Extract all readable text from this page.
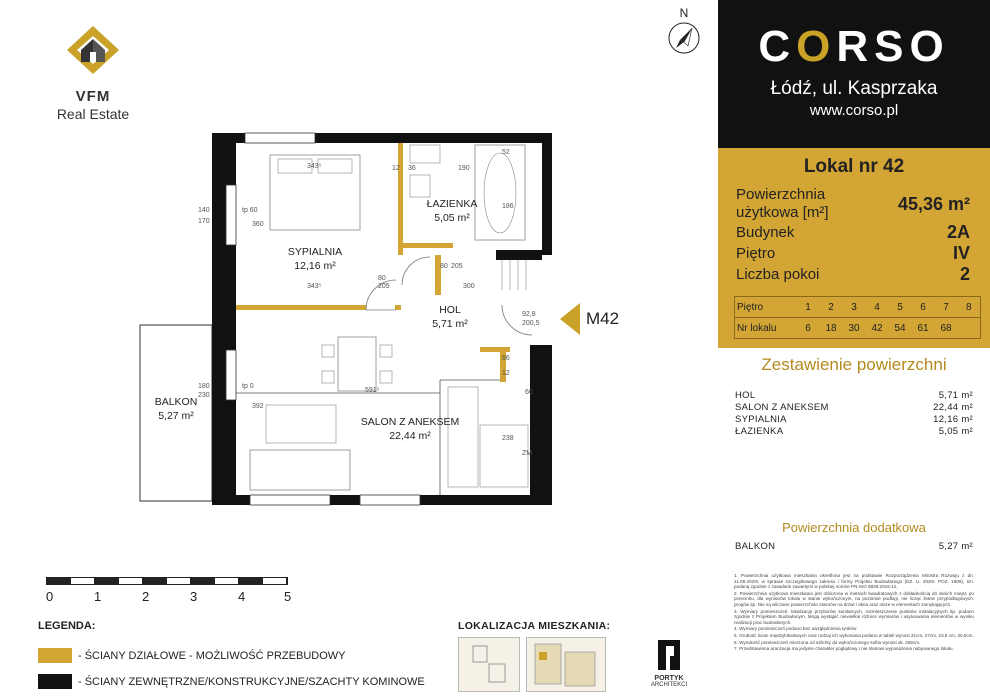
VFM
Real Estate
N
SYPIALNIA
12,16 m²
ŁAZIENKA
5,05 m²
HOL
5,71 m²
SALON Z ANEKSEM
22,44 m²
BALKON
5,27 m²
343⁵
343⁵
591⁵
12 36	190
52
186
140
170	360
tp 60
80
205
80 205
300
92,8
200,5
180
230
tp 0
392
66
12
60
238
ZM
M42
0	1	2	3	4	5
LEGENDA:
- ŚCIANY DZIAŁOWE - MOŻLIWOŚĆ PRZEBUDOWY
- ŚCIANY ZEWNĘTRZNE/KONSTRUKCYJNE/SZACHTY KOMINOWE
LOKALIZACJA MIESZKANIA:
PORTYK
ARCHITEKCI
CORSO
Łódź, ul. Kasprzaka
www.corso.pl
Lokal nr 42
Powierzchnia użytkowa [m²]	45,36 m²
Budynek	2A
Piętro	IV
Liczba pokoi	2
Piętro	1	2	3	4	5	6	7	8
Nr lokalu	6	18	30	42	54	61	68	
Zestawienie powierzchni
HOL	5,71 m²
SALON Z ANEKSEM	22,44 m²
SYPIALNIA	12,16 m²
ŁAZIENKA	5,05 m²
Powierzchnia dodatkowa
BALKON	5,27 m²

1. Powierzchnia użytkowa mieszkania określona jest na podstawie Rozporządzenia Ministra Rozwoju z dn. 11.09.2020r. w sprawie szczegółowego zakresu i formy Projektu Budowlanego (DZ. U. 2020r. POZ. 1609), tzn. podaną zgodnie z zasadami zawartymi w polskiej normie PN-ISO 9836:2015-12.

2. Powierzchnia użytkowa mieszkania jest obliczona w metrach kwadratowych z dokładnością do dwóch miejsc po przecinku, dla wymiarów lokalu w stanie wykończonym, na poziomie podłogi, nie licząc listew przypodłogowych, progów itp. Nie są wliczane powierzchnie otworów na drzwi i okna oraz nisze w elementach zamykających.

3. Wymiary pomieszczeń, lokalizację przyborów sanitarnych, rozmieszczenie punktów instalacyjnych itp. podano zgodnie z Projektem Budowlanym. Mogą wystąpić niewielkie różnice wymiarów i usytuowania elementów w wyniku realizacji prac budowlanych.

4. Wymiary pomieszczeń podano bez uwzględnienia tynków.

5. Grubość ścian międzylokalowych oraz rodzaj ich wykonania podano w tabeli wynosi 21cm, 27cm, 23,5 cm, 30,5cm.

6. Wysokość pomieszczeń mierzona od szlichty do wykończonego sufitu wynosi ok. 265cm.

7. Przedstawiona aranżacja ma jedynie charakter poglądowy i nie stanowi wyposażenia nabywanego lokalu.
